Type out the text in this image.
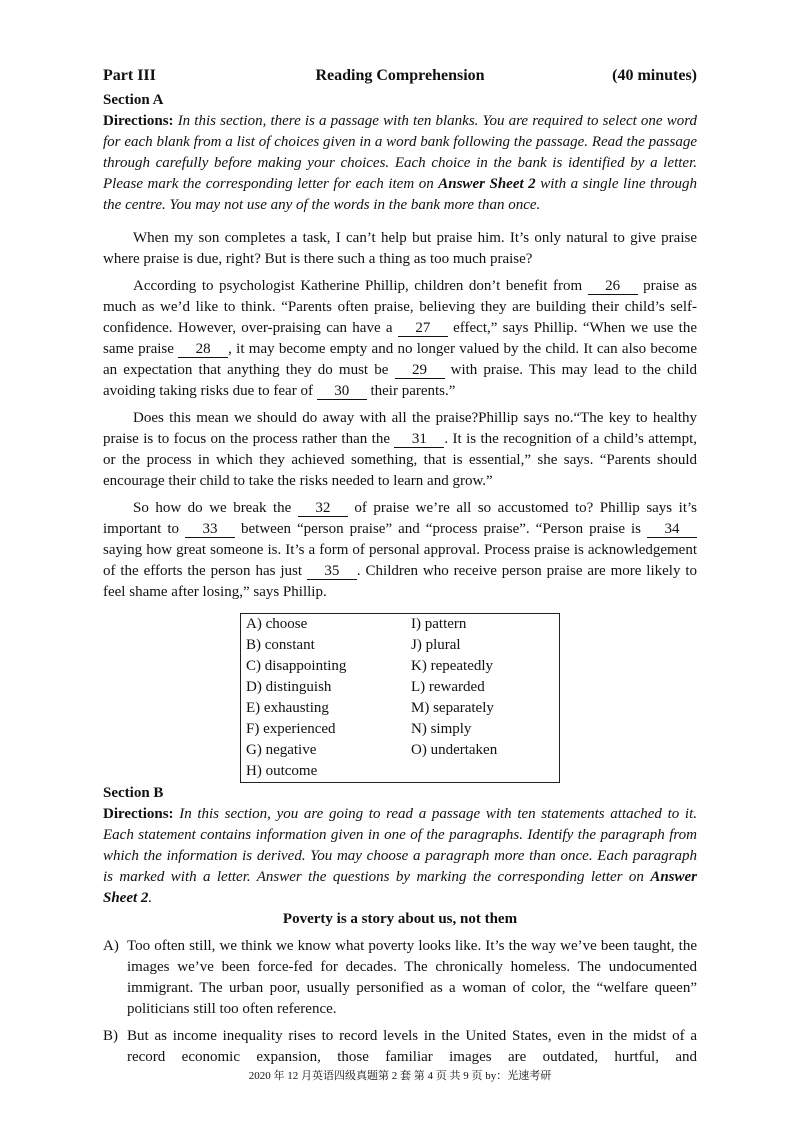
Part III	Reading Comprehension	(40 minutes)
Section A

Directions: In this section, there is a passage with ten blanks. You are required to select one word for each blank from a list of choices given in a word bank following the passage. Read the passage through carefully before making your choices. Each choice in the bank is identified by a letter. Please mark the corresponding letter for each item on Answer Sheet 2 with a single line through the centre. You may not use any of the words in the bank more than once.

When my son completes a task, I can’t help but praise him. It’s only natural to give praise where praise is due, right? But is there such a thing as too much praise?

According to psychologist Katherine Phillip, children don’t benefit from 26 praise as much as we’d like to think. “Parents often praise, believing they are building their child’s self-confidence. However, over-praising can have a 27 effect,” says Phillip. “When we use the same praise 28 , it may become empty and no longer valued by the child. It can also become an expectation that anything they do must be 29 with praise. This may lead to the child avoiding taking risks due to fear of 30 their parents.”

Does this mean we should do away with all the praise?Phillip says no.“The key to healthy praise is to focus on the process rather than the 31 . It is the recognition of a child’s attempt, or the process in which they achieved something, that is essential,” she says. “Parents should encourage their child to take the risks needed to learn and grow.”

So how do we break the 32 of praise we’re all so accustomed to? Phillip says it’s important to 33 between “person praise” and “process praise”. “Person praise is 34 saying how great someone is. It’s a form of personal approval. Process praise is acknowledgement of the efforts the person has just 35 . Children who receive person praise are more likely to feel shame after losing,” says Phillip.

A) choose
B) constant
C) disappointing
D) distinguish
E) exhausting
F) experienced
G) negative
H) outcome
I) pattern
J) plural
K) repeatedly
L) rewarded
M) separately
N) simply
O) undertaken
Section B

Directions: In this section, you are going to read a passage with ten statements attached to it. Each statement contains information given in one of the paragraphs. Identify the paragraph from which the information is derived. You may choose a paragraph more than once. Each paragraph is marked with a letter. Answer the questions by marking the corresponding letter on Answer Sheet 2.

Poverty is a story about us, not them
A) Too often still, we think we know what poverty looks like. It’s the way we’ve been taught, the images we’ve been force-fed for decades. The chronically homeless. The undocumented immigrant. The urban poor, usually personified as a woman of color, the “welfare queen” politicians still too often reference.

B) But as income inequality rises to record levels in the United States, even in the midst of a record economic expansion, those familiar images are outdated, hurtful, and

2020 年 12 月英语四级真题第 2 套 第 4 页 共 9 页 by：光速考研
